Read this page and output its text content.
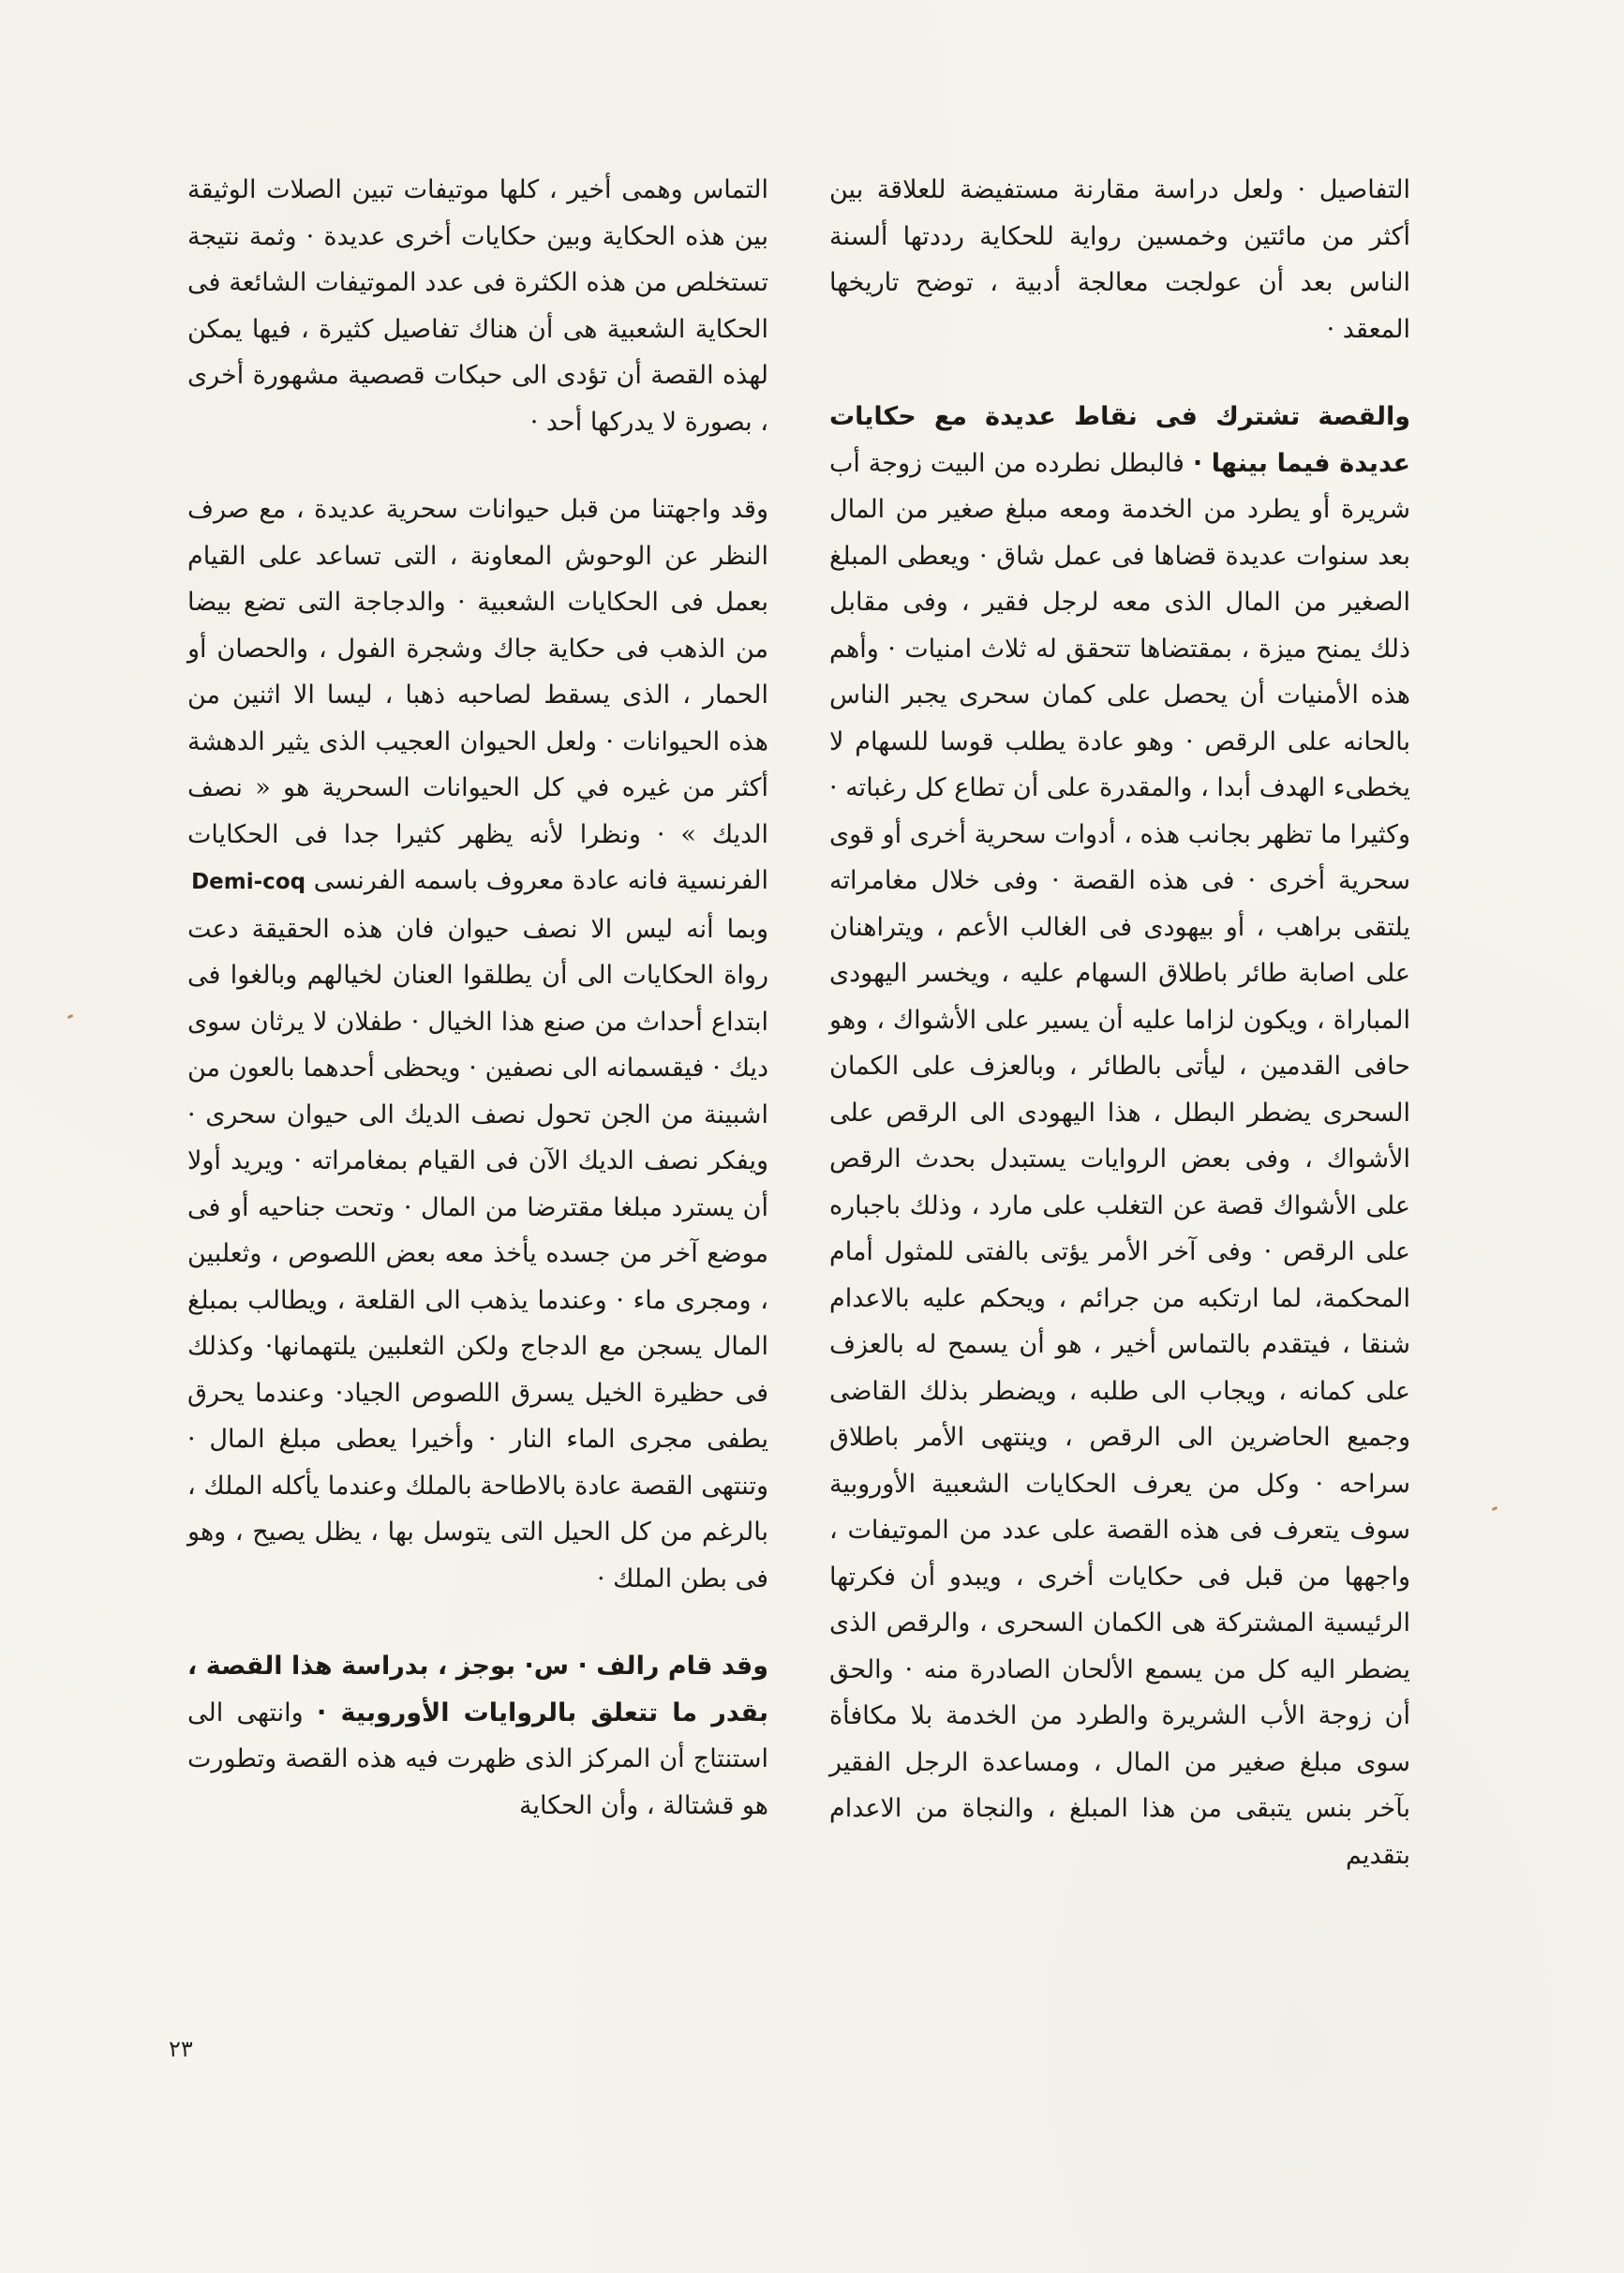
التفاصيل · ولعل دراسة مقارنة مستفيضة للعلاقة بين أكثر من مائتين وخمسين رواية للحكاية رددتها ألسنة الناس بعد أن عولجت معالجة أدبية ، توضح تاريخها المعقد ·

والقصة تشترك فى نقاط عديدة مع حكايات عديدة فيما بينها · فالبطل نطرده من البيت زوجة أب شريرة أو يطرد من الخدمة ومعه مبلغ صغير من المال بعد سنوات عديدة قضاها فى عمل شاق · ويعطى المبلغ الصغير من المال الذى معه لرجل فقير ، وفى مقابل ذلك يمنح ميزة ، بمقتضاها تتحقق له ثلاث امنيات · وأهم هذه الأمنيات أن يحصل على كمان سحرى يجبر الناس بالحانه على الرقص · وهو عادة يطلب قوسا للسهام لا يخطىء الهدف أبدا ، والمقدرة على أن تطاع كل رغباته · وكثيرا ما تظهر بجانب هذه ، أدوات سحرية أخرى أو قوى سحرية أخرى · فى هذه القصة · وفى خلال مغامراته يلتقى براهب ، أو بيهودى فى الغالب الأعم ، ويتراهنان على اصابة طائر باطلاق السهام عليه ، ويخسر اليهودى المباراة ، ويكون لزاما عليه أن يسير على الأشواك ، وهو حافى القدمين ، ليأتى بالطائر ، وبالعزف على الكمان السحرى يضطر البطل ، هذا اليهودى الى الرقص على الأشواك ، وفى بعض الروايات يستبدل بحدث الرقص على الأشواك قصة عن التغلب على مارد ، وذلك باجباره على الرقص · وفى آخر الأمر يؤتى بالفتى للمثول أمام المحكمة، لما ارتكبه من جرائم ، ويحكم عليه بالاعدام شنقا ، فيتقدم بالتماس أخير ، هو أن يسمح له بالعزف على كمانه ، ويجاب الى طلبه ، ويضطر بذلك القاضى وجميع الحاضرين الى الرقص ، وينتهى الأمر باطلاق سراحه · وكل من يعرف الحكايات الشعبية الأوروبية سوف يتعرف فى هذه القصة على عدد من الموتيفات ، واجهها من قبل فى حكايات أخرى ، ويبدو أن فكرتها الرئيسية المشتركة هى الكمان السحرى ، والرقص الذى يضطر اليه كل من يسمع الألحان الصادرة منه · والحق أن زوجة الأب الشريرة والطرد من الخدمة بلا مكافأة سوى مبلغ صغير من المال ، ومساعدة الرجل الفقير بآخر بنس يتبقى من هذا المبلغ ، والنجاة من الاعدام بتقديم

التماس وهمى أخير ، كلها موتيفات تبين الصلات الوثيقة بين هذه الحكاية وبين حكايات أخرى عديدة · وثمة نتيجة تستخلص من هذه الكثرة فى عدد الموتيفات الشائعة فى الحكاية الشعبية هى أن هناك تفاصيل كثيرة ، فيها يمكن لهذه القصة أن تؤدى الى حبكات قصصية مشهورة أخرى ، بصورة لا يدركها أحد ·

وقد واجهتنا من قبل حيوانات سحرية عديدة ، مع صرف النظر عن الوحوش المعاونة ، التى تساعد على القيام بعمل فى الحكايات الشعبية · والدجاجة التى تضع بيضا من الذهب فى حكاية جاك وشجرة الفول ، والحصان أو الحمار ، الذى يسقط لصاحبه ذهبا ، ليسا الا اثنين من هذه الحيوانات · ولعل الحيوان العجيب الذى يثير الدهشة أكثر من غيره في كل الحيوانات السحرية هو « نصف الديك » · ونظرا لأنه يظهر كثيرا جدا فى الحكايات الفرنسية فانه عادة معروف باسمه الفرنسى Demi-coq

وبما أنه ليس الا نصف حيوان فان هذه الحقيقة دعت رواة الحكايات الى أن يطلقوا العنان لخيالهم وبالغوا فى ابتداع أحداث من صنع هذا الخيال · طفلان لا يرثان سوى ديك · فيقسمانه الى نصفين · ويحظى أحدهما بالعون من اشبينة من الجن تحول نصف الديك الى حيوان سحرى · ويفكر نصف الديك الآن فى القيام بمغامراته · ويريد أولا أن يسترد مبلغا مقترضا من المال · وتحت جناحيه أو فى موضع آخر من جسده يأخذ معه بعض اللصوص ، وثعلبين ، ومجرى ماء · وعندما يذهب الى القلعة ، ويطالب بمبلغ المال يسجن مع الدجاج ولكن الثعلبين يلتهمانها· وكذلك فى حظيرة الخيل يسرق اللصوص الجياد· وعندما يحرق يطفى مجرى الماء النار · وأخيرا يعطى مبلغ المال · وتنتهى القصة عادة بالاطاحة بالملك وعندما يأكله الملك ، بالرغم من كل الحيل التى يتوسل بها ، يظل يصيح ، وهو فى بطن الملك ·

وقد قام رالف · س· بوجز ، بدراسة هذا القصة ، بقدر ما تتعلق بالروايات الأوروبية · وانتهى الى استنتاج أن المركز الذى ظهرت فيه هذه القصة وتطورت هو قشتالة ، وأن الحكاية

٢٣
